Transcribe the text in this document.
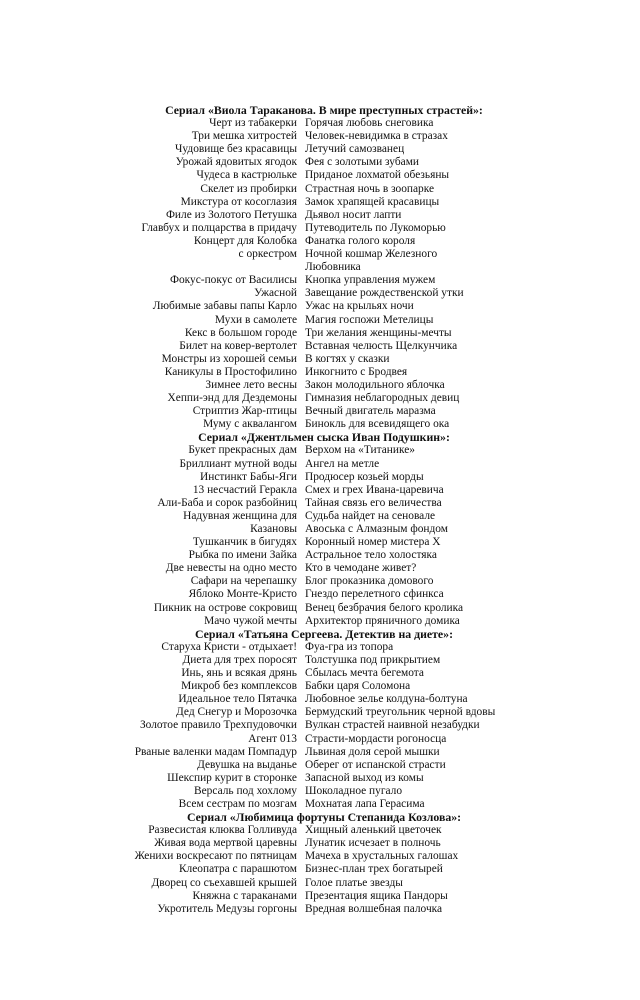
Сериал «Виола Тараканова. В мире преступных страстей»:
Черт из табакерки Горячая любовь снеговика
Три мешка хитростей Человек-невидимка в стразах
Чудовище без красавицы Летучий самозванец
Урожай ядовитых ягодок Фея с золотыми зубами
Чудеса в кастрюльке Приданое лохматой обезьяны
Скелет из пробирки Страстная ночь в зоопарке
Микстура от косоглазия Замок храпящей красавицы
Филе из Золотого Петушка Дьявол носит лапти
Главбух и полцарства в придачу Путеводитель по Лукоморью
Концерт для Колобка Фанатка голого короля
с оркестром Ночной кошмар Железного
Любовника
Фокус-покус от Василисы Кнопка управления мужем
Ужасной Завещание рождественской утки
Любимые забавы папы Карло Ужас на крыльях ночи
Мухи в самолете Магия госпожи Метелицы
Кекс в большом городе Три желания женщины-мечты
Билет на ковер-вертолет Вставная челюсть Щелкунчика
Монстры из хорошей семьи В когтях у сказки
Каникулы в Простофилино Инкогнито с Бродвея
Зимнее лето весны Закон молодильного яблочка
Хеппи-энд для Дездемоны Гимназия неблагородных девиц
Стриптиз Жар-птицы Вечный двигатель маразма
Муму с аквалангом Бинокль для всевидящего ока
Сериал «Джентльмен сыска Иван Подушкин»:
Букет прекрасных дам Верхом на «Титанике»
Бриллиант мутной воды Ангел на метле
Инстинкт Бабы-Яги Продюсер козьей морды
13 несчастий Геракла Смех и грех Ивана-царевича
Али-Баба и сорок разбойниц Тайная связь его величества
Надувная женщина для Судьба найдет на сеновале
Казановы Авоська с Алмазным фондом
Тушканчик в бигудях Коронный номер мистера X
Рыбка по имени Зайка Астральное тело холостяка
Две невесты на одно место Кто в чемодане живет?
Сафари на черепашку Блог проказника домового
Яблоко Монте-Кристо Гнездо перелетного сфинкса
Пикник на острове сокровищ Венец безбрачия белого кролика
Мачо чужой мечты Архитектор пряничного домика
Сериал «Татьяна Сергеева. Детектив на диете»:
Старуха Кристи - отдыхает! Фуа-гра из топора
Диета для трех поросят Толстушка под прикрытием
Инь, янь и всякая дрянь Сбылась мечта бегемота
Микроб без комплексов Бабки царя Соломона
Идеальное тело Пятачка Любовное зелье колдуна-болтуна
Дед Снегур и Морозочка Бермудский треугольник черной вдовы
Золотое правило Трехпудовочки Вулкан страстей наивной незабудки
Агент 013 Страсти-мордасти рогоносца
Рваные валенки мадам Помпадур Львиная доля серой мышки
Девушка на выданье Оберег от испанской страсти
Шекспир курит в сторонке Запасной выход из комы
Версаль под хохлому Шоколадное пугало
Всем сестрам по мозгам Мохнатая лапа Герасима
Сериал «Любимица фортуны Степанида Козлова»:
Развесистая клюква Голливуда Хищный аленький цветочек
Живая вода мертвой царевны Лунатик исчезает в полночь
Женихи воскресают по пятницам Мачеха в хрустальных галошах
Клеопатра с парашютом Бизнес-план трех богатырей
Дворец со съехавшей крышей Голое платье звезды
Княжна с тараканами Презентация ящика Пандоры
Укротитель Медузы горгоны Вредная волшебная палочка
